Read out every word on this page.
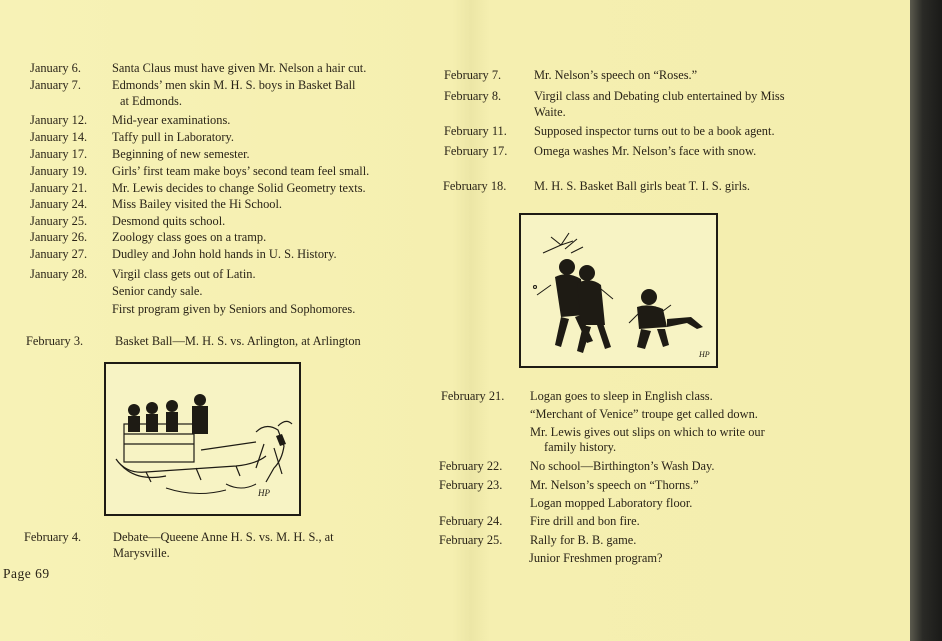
January 6.	Santa Claus must have given Mr. Nelson a hair cut.
January 7.	Edmonds’ men skin M. H. S. boys in Basket Ball
at Edmonds.
January 12. Mid-year examinations.
January 14. Taffy pull in Laboratory.
January 17. Beginning of new semester.
January 19. Girls’ first team make boys’ second team feel small.
January 21. Mr. Lewis decides to change Solid Geometry texts.
January 24. Miss Bailey visited the Hi School.
January 25. Desmond quits school.
January 26. Zoology class goes on a tramp.
January 27. Dudley and John hold hands in U. S. History.
January 28. Virgil class gets out of Latin.
Senior candy sale.
First program given by Seniors and Sophomores.
February 3.	Basket Ball—M. H. S. vs. Arlington, at Arlington
HP
February 4.	Debate—Queene Anne H. S. vs. M. H. S., at
Marysville.
Page 69
February 7.	Mr. Nelson’s speech on “Roses.”
February 8.	Virgil class and Debating club entertained by Miss
Waite.
February 11. Supposed inspector turns out to be a book agent.
February 17. Omega washes Mr. Nelson’s face with snow.
February 18. M. H. S. Basket Ball girls beat T. I. S. girls.
HP
February 21. Logan goes to sleep in English class.
“Merchant of Venice” troupe get called down.
Mr. Lewis gives out slips on which to write our
family history.
February 22. No school—Birthington’s Wash Day.
February 23. Mr. Nelson’s speech on “Thorns.”
Logan mopped Laboratory floor.
February 24. Fire drill and bon fire.
February 25. Rally for B. B. game.
Junior Freshmen program?
